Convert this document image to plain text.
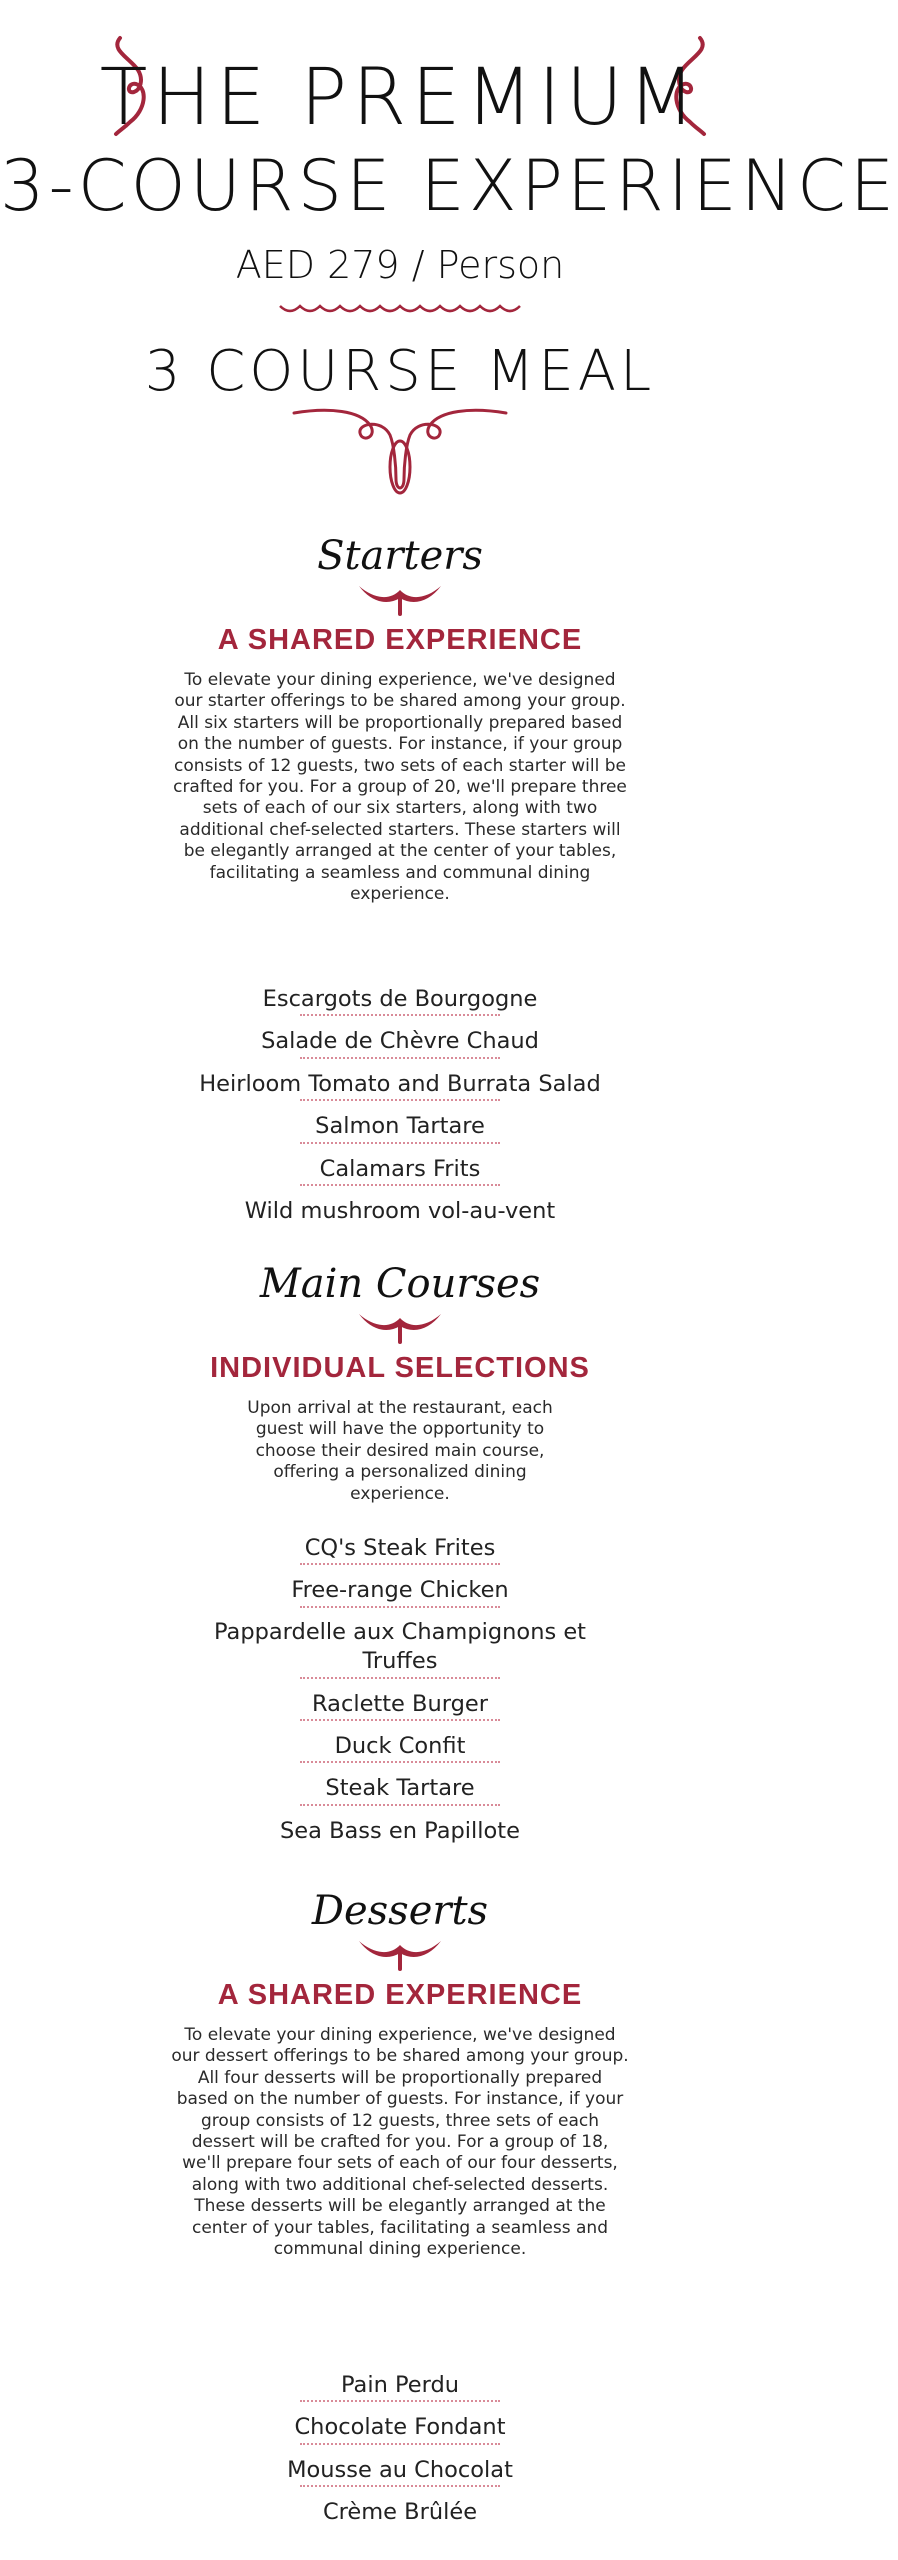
THE PREMIUM
3-COURSE EXPERIENCE
AED 279 / Person
3 COURSE MEAL
Starters
A SHARED EXPERIENCE

To elevate your dining experience, we've designed our starter offerings to be shared among your group. All six starters will be proportionally prepared based on the number of guests. For instance, if your group consists of 12 guests, two sets of each starter will be crafted for you. For a group of 20, we'll prepare three sets of each of our six starters, along with two additional chef-selected starters. These starters will be elegantly arranged at the center of your tables, facilitating a seamless and communal dining experience.

Escargots de Bourgogne
Salade de Chèvre Chaud
Heirloom Tomato and Burrata Salad
Salmon Tartare
Calamars Frits
Wild mushroom vol-au-vent
Main Courses
INDIVIDUAL SELECTIONS

Upon arrival at the restaurant, each guest will have the opportunity to choose their desired main course, offering a personalized dining experience.

CQ's Steak Frites
Free-range Chicken
Pappardelle aux Champignons et Truffes
Raclette Burger
Duck Confit
Steak Tartare
Sea Bass en Papillote
Desserts
A SHARED EXPERIENCE

To elevate your dining experience, we've designed our dessert offerings to be shared among your group. All four desserts will be proportionally prepared based on the number of guests. For instance, if your group consists of 12 guests, three sets of each dessert will be crafted for you. For a group of 18, we'll prepare four sets of each of our four desserts, along with two additional chef-selected desserts. These desserts will be elegantly arranged at the center of your tables, facilitating a seamless and communal dining experience.

Pain Perdu
Chocolate Fondant
Mousse au Chocolat
Crème Brûlée
